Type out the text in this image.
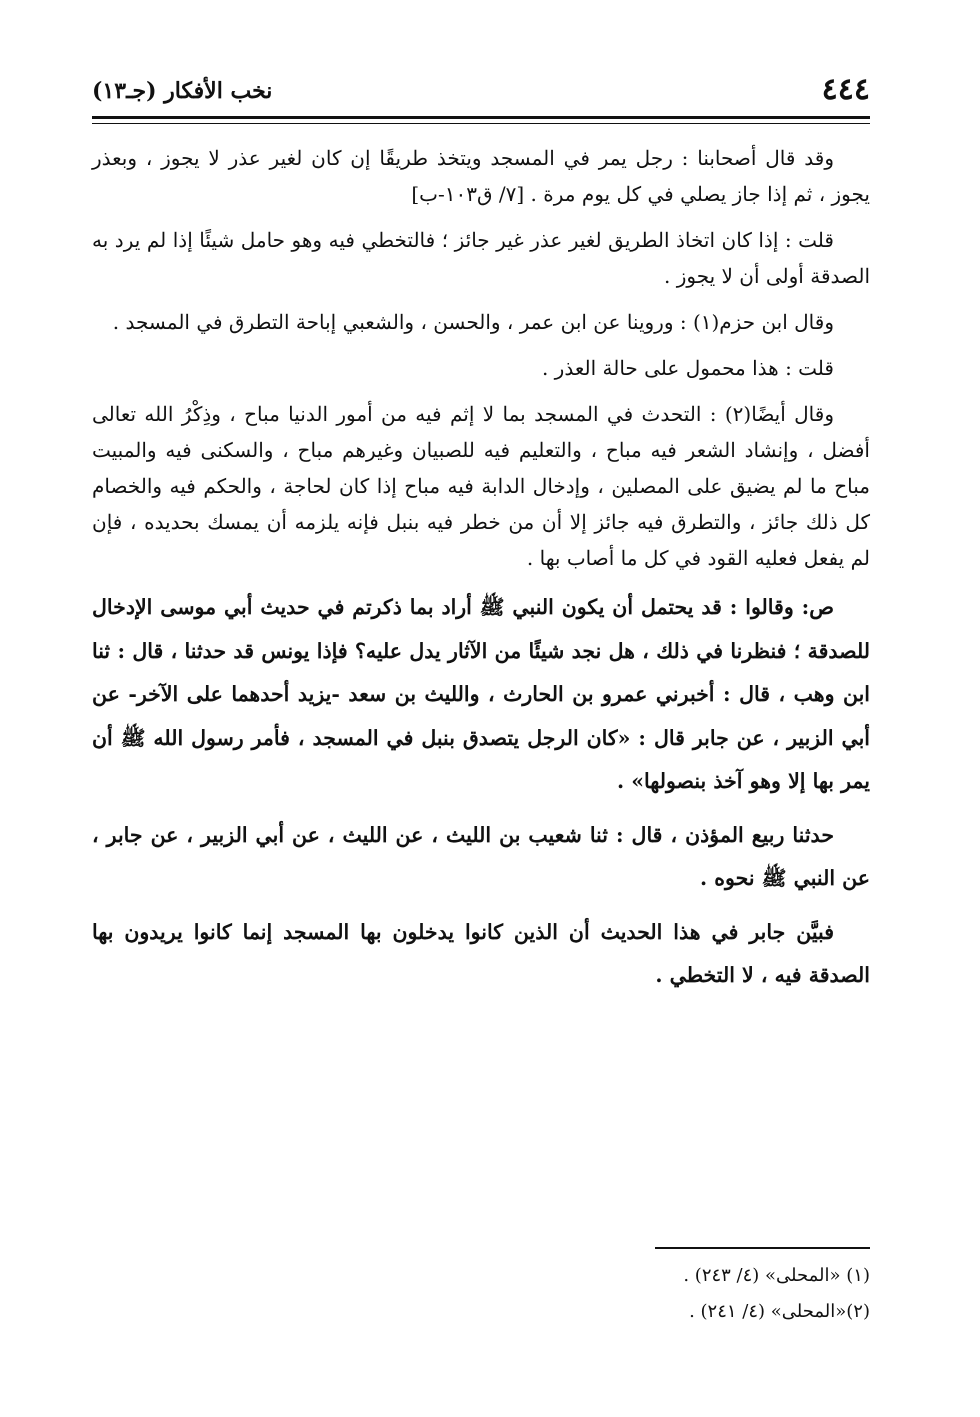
٤٤٤
نخب الأفكار (جـ١٣)

وقد قال أصحابنا : رجل يمر في المسجد ويتخذ طريقًا إن كان لغير عذر لا يجوز ، وبعذر يجوز ، ثم إذا جاز يصلي في كل يوم مرة . [٧/ ق١٠٣-ب]

قلت : إذا كان اتخاذ الطريق لغير عذر غير جائز ؛ فالتخطي فيه وهو حامل شيئًا إذا لم يرد به الصدقة أولى أن لا يجوز .

وقال ابن حزم(١) : وروينا عن ابن عمر ، والحسن ، والشعبي إباحة التطرق في المسجد .

قلت : هذا محمول على حالة العذر .

وقال أيضًا(٢) : التحدث في المسجد بما لا إثم فيه من أمور الدنيا مباح ، وذِكْرُ الله تعالى أفضل ، وإنشاد الشعر فيه مباح ، والتعليم فيه للصبيان وغيرهم مباح ، والسكنى فيه والمبيت مباح ما لم يضيق على المصلين ، وإدخال الدابة فيه مباح إذا كان لحاجة ، والحكم فيه والخصام كل ذلك جائز ، والتطرق فيه جائز إلا أن من خطر فيه بنبل فإنه يلزمه أن يمسك بحديده ، فإن لم يفعل فعليه القود في كل ما أصاب بها .

ص: وقالوا : قد يحتمل أن يكون النبي ﷺ أراد بما ذكرتم في حديث أبي موسى الإدخال للصدقة ؛ فنظرنا في ذلك ، هل نجد شيئًا من الآثار يدل عليه؟ فإذا يونس قد حدثنا ، قال : ثنا ابن وهب ، قال : أخبرني عمرو بن الحارث ، والليث بن سعد -يزيد أحدهما على الآخر- عن أبي الزبير ، عن جابر قال : «كان الرجل يتصدق بنبل في المسجد ، فأمر رسول الله ﷺ أن يمر بها إلا وهو آخذ بنصولها» .

حدثنا ربيع المؤذن ، قال : ثنا شعيب بن الليث ، عن الليث ، عن أبي الزبير ، عن جابر ، عن النبي ﷺ نحوه .

فبيَّن جابر في هذا الحديث أن الذين كانوا يدخلون بها المسجد إنما كانوا يريدون بها الصدقة فيه ، لا التخطي .

(١) «المحلى» (٤/ ٢٤٣) .

(٢)«المحلى» (٤/ ٢٤١) .
